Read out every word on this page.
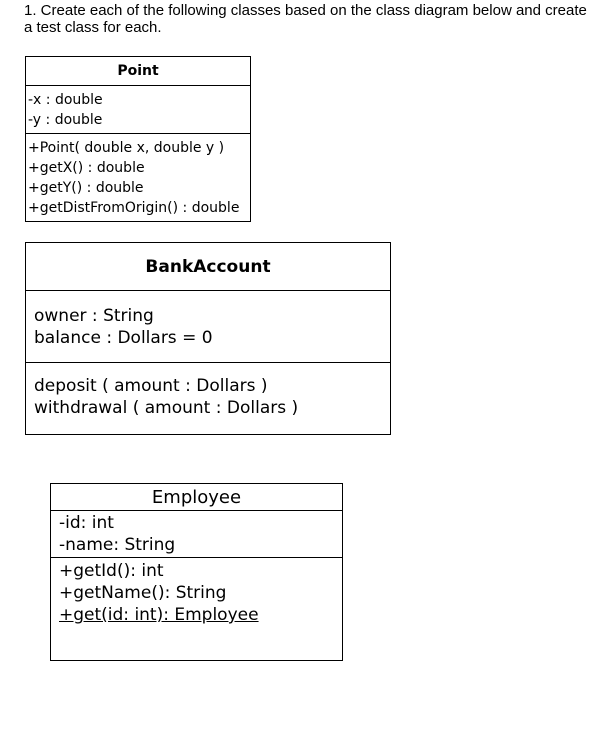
1. Create each of the following classes based on the class diagram below and create a test class for each.

Point
-x : double
-y : double
+Point( double x, double y )
+getX() : double
+getY() : double
+getDistFromOrigin() : double
BankAccount
owner : String
balance : Dollars = 0
deposit ( amount : Dollars )
withdrawal ( amount : Dollars )
Employee
-id: int
-name: String
+getId(): int
+getName(): String
+get(id: int): Employee
